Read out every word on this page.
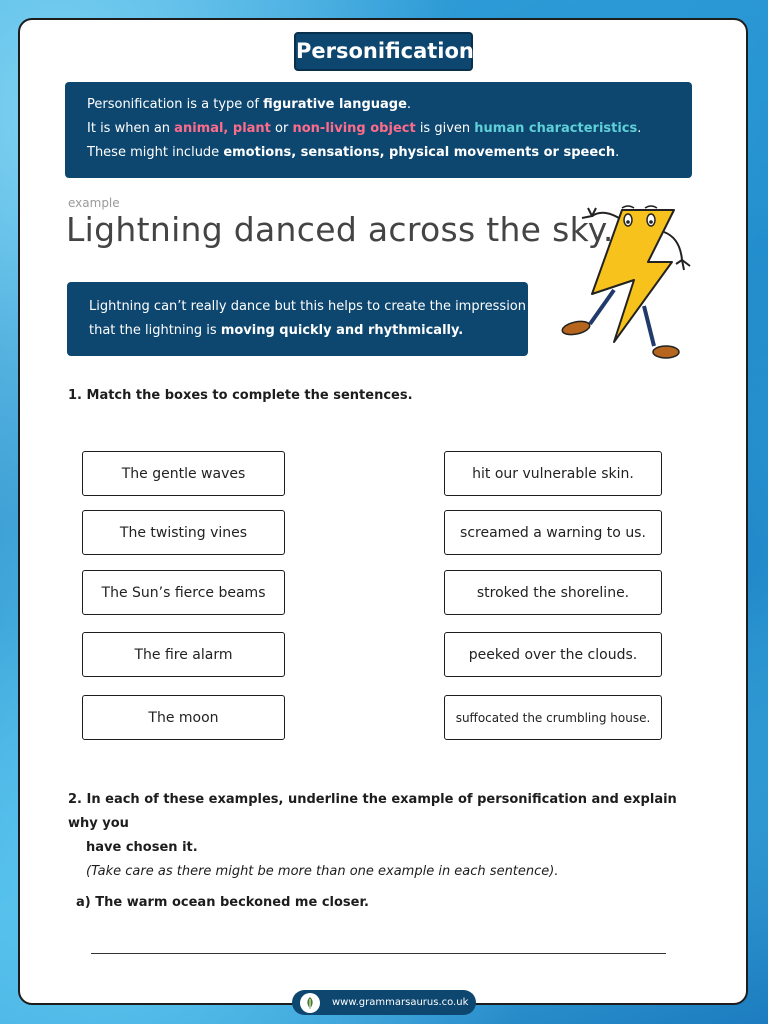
Personification
Personification is a type of figurative language.
It is when an animal, plant or non-living object is given human characteristics.
These might include emotions, sensations, physical movements or speech.
example
Lightning danced across the sky.
Lightning can’t really dance but this helps to create the impression
that the lightning is moving quickly and rhythmically.
1. Match the boxes to complete the sentences.
The gentle waves
The twisting vines
The Sun’s fierce beams
The fire alarm
The moon
hit our vulnerable skin.
screamed a warning to us.
stroked the shoreline.
peeked over the clouds.
suffocated the crumbling house.
2. In each of these examples, underline the example of personification and explain why you
have chosen it.
(Take care as there might be more than one example in each sentence).
a) The warm ocean beckoned me closer.
www.grammarsaurus.co.uk
